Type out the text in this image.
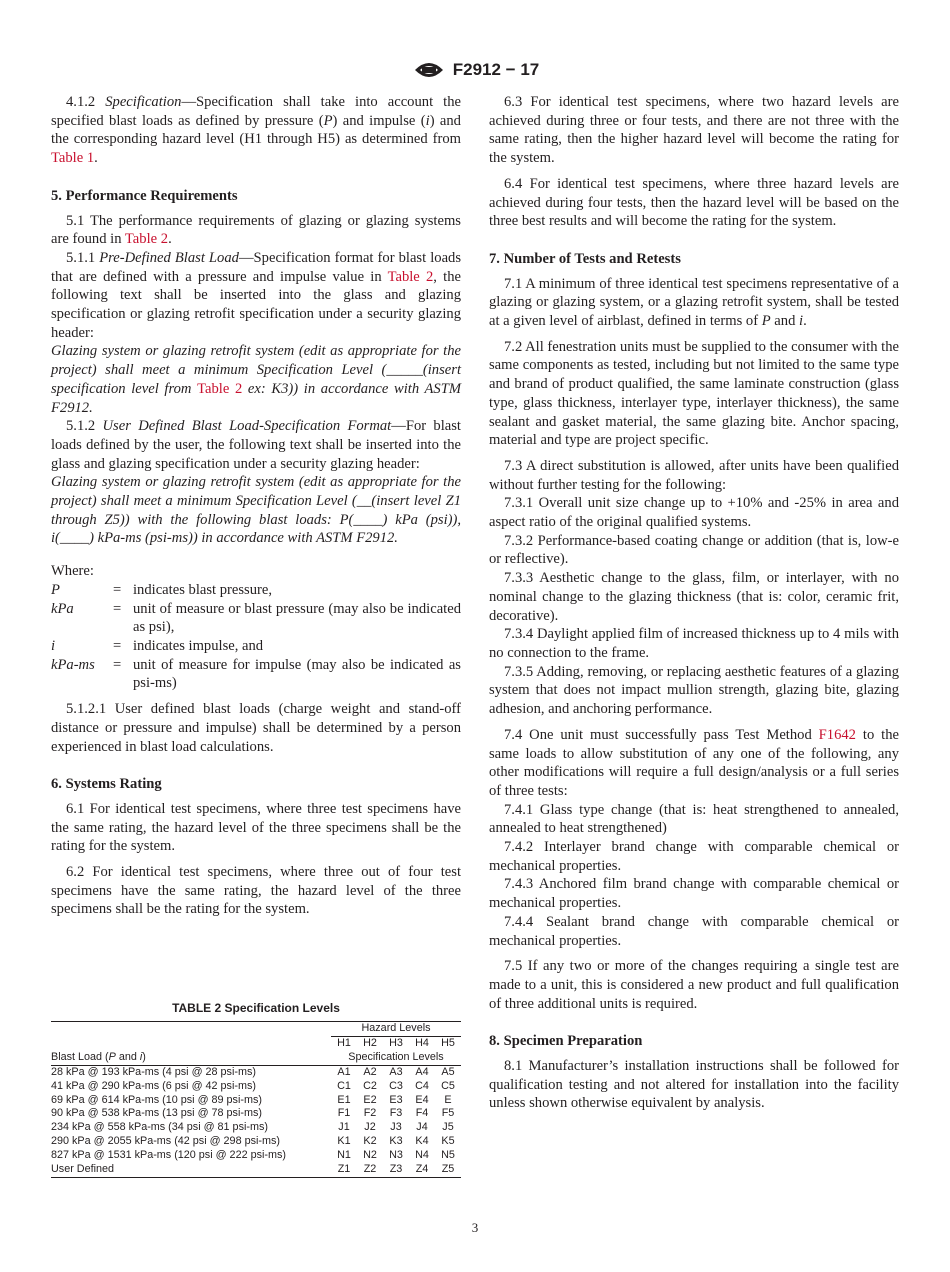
F2912 − 17

4.1.2 Specification—Specification shall take into account the specified blast loads as defined by pressure (P) and impulse (i) and the corresponding hazard level (H1 through H5) as determined from Table 1.

5. Performance Requirements

5.1 The performance requirements of glazing or glazing systems are found in Table 2.

5.1.1 Pre-Defined Blast Load—Specification format for blast loads that are defined with a pressure and impulse value in Table 2, the following text shall be inserted into the glass and glazing specification or glazing retrofit specification under a security glazing header:

Glazing system or glazing retrofit system (edit as appropriate for the project) shall meet a minimum Specification Level (_____(insert specification level from Table 2 ex: K3)) in accordance with ASTM F2912.

5.1.2 User Defined Blast Load-Specification Format—For blast loads defined by the user, the following text shall be inserted into the glass and glazing specification under a security glazing header:

Glazing system or glazing retrofit system (edit as appropriate for the project) shall meet a minimum Specification Level (__(insert level Z1 through Z5)) with the following blast loads: P(____) kPa (psi)), i(____) kPa-ms (psi-ms)) in accordance with ASTM F2912.

Where:

P	= indicates blast pressure,
kPa	= unit of measure or blast pressure (may also be indicated as psi),
i	= indicates impulse, and
kPa-ms	= unit of measure for impulse (may also be indicated as psi-ms)

5.1.2.1 User defined blast loads (charge weight and stand-off distance or pressure and impulse) shall be determined by a person experienced in blast load calculations.

6. Systems Rating

6.1 For identical test specimens, where three test specimens have the same rating, the hazard level of the three specimens shall be the rating for the system.

6.2 For identical test specimens, where three out of four test specimens have the same rating, the hazard level of the three specimens shall be the rating for the system.

TABLE 2 Specification Levels
	Hazard Levels				
	H1	H2	H3	H4	H5
Blast Load (P and i)	Specification Levels				
28 kPa @ 193 kPa-ms (4 psi @ 28 psi-ms)	A1	A2	A3	A4	A5
41 kPa @ 290 kPa-ms (6 psi @ 42 psi-ms)	C1	C2	C3	C4	C5
69 kPa @ 614 kPa-ms (10 psi @ 89 psi-ms)	E1	E2	E3	E4	E
90 kPa @ 538 kPa-ms (13 psi @ 78 psi-ms)	F1	F2	F3	F4	F5
234 kPa @ 558 kPa-ms (34 psi @ 81 psi-ms)	J1	J2	J3	J4	J5
290 kPa @ 2055 kPa-ms (42 psi @ 298 psi-ms)	K1	K2	K3	K4	K5
827 kPa @ 1531 kPa-ms (120 psi @ 222 psi-ms)	N1	N2	N3	N4	N5
User Defined	Z1	Z2	Z3	Z4	Z5

6.3 For identical test specimens, where two hazard levels are achieved during three or four tests, and there are not three with the same rating, then the higher hazard level will become the rating for the system.

6.4 For identical test specimens, where three hazard levels are achieved during four tests, then the hazard level will be based on the three best results and will become the rating for the system.

7. Number of Tests and Retests

7.1 A minimum of three identical test specimens representative of a glazing or glazing system, or a glazing retrofit system, shall be tested at a given level of airblast, defined in terms of P and i.

7.2 All fenestration units must be supplied to the consumer with the same components as tested, including but not limited to the same type and brand of product qualified, the same laminate construction (glass type, glass thickness, interlayer type, interlayer thickness), the same sealant and gasket material, the same glazing bite. Anchor spacing, material and type are project specific.

7.3 A direct substitution is allowed, after units have been qualified without further testing for the following:

7.3.1 Overall unit size change up to +10% and -25% in area and aspect ratio of the original qualified systems.

7.3.2 Performance-based coating change or addition (that is, low-e or reflective).

7.3.3 Aesthetic change to the glass, film, or interlayer, with no nominal change to the glazing thickness (that is: color, ceramic frit, decorative).

7.3.4 Daylight applied film of increased thickness up to 4 mils with no connection to the frame.

7.3.5 Adding, removing, or replacing aesthetic features of a glazing system that does not impact mullion strength, glazing bite, glazing adhesion, and anchoring performance.

7.4 One unit must successfully pass Test Method F1642 to the same loads to allow substitution of any one of the following, any other modifications will require a full design/analysis or a full series of three tests:

7.4.1 Glass type change (that is: heat strengthened to annealed, annealed to heat strengthened)

7.4.2 Interlayer brand change with comparable chemical or mechanical properties.

7.4.3 Anchored film brand change with comparable chemical or mechanical properties.

7.4.4 Sealant brand change with comparable chemical or mechanical properties.

7.5 If any two or more of the changes requiring a single test are made to a unit, this is considered a new product and full qualification of three additional units is required.

8. Specimen Preparation

8.1 Manufacturer’s installation instructions shall be followed for qualification testing and not altered for installation into the facility unless shown otherwise equivalent by analysis.

3
